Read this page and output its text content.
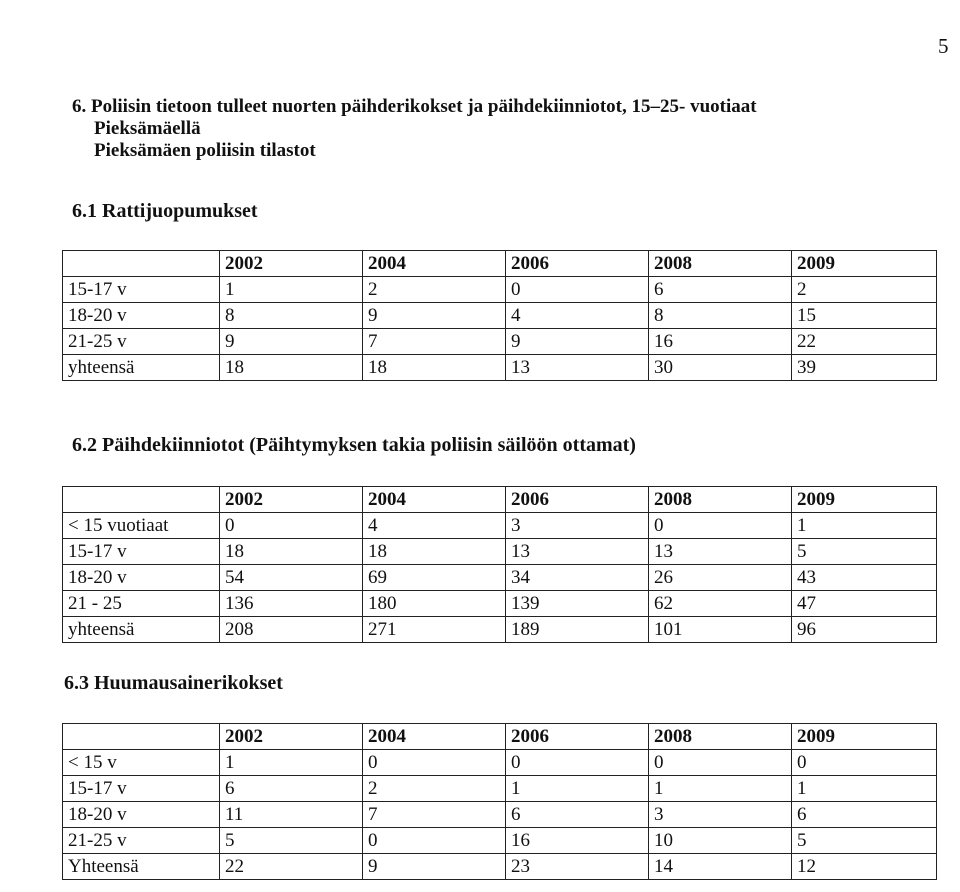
5
6. Poliisin tietoon tulleet nuorten päihderikokset ja päihdekiinniotot, 15–25- vuotiaat
Pieksämäellä
Pieksämäen poliisin tilastot
6.1 Rattijuopumukset
	2002	2004	2006	2008	2009
15-17 v	1	2	0	6	2
18-20 v	8	9	4	8	15
21-25 v	9	7	9	16	22
yhteensä	18	18	13	30	39
6.2 Päihdekiinniotot (Päihtymyksen takia poliisin säilöön ottamat)
	2002	2004	2006	2008	2009
< 15 vuotiaat	0	4	3	0	1
15-17 v	18	18	13	13	5
18-20 v	54	69	34	26	43
21 - 25	136	180	139	62	47
yhteensä	208	271	189	101	96
6.3 Huumausainerikokset
	2002	2004	2006	2008	2009
< 15 v	1	0	0	0	0
15-17 v	6	2	1	1	1
18-20 v	11	7	6	3	6
21-25 v	5	0	16	10	5
Yhteensä	22	9	23	14	12
